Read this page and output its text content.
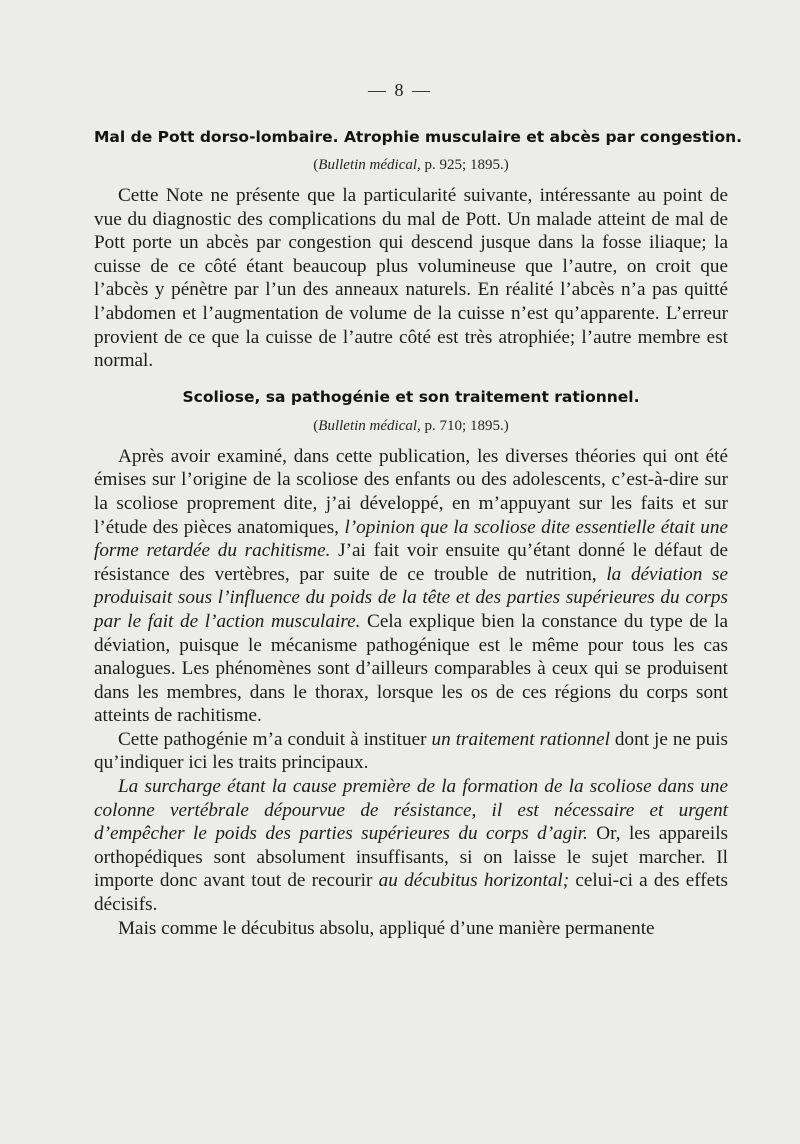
— 8 —
Mal de Pott dorso-lombaire. Atrophie musculaire et abcès par congestion.

(Bulletin médical, p. 925; 1895.)

Cette Note ne présente que la particularité suivante, intéressante au point de vue du diagnostic des complications du mal de Pott. Un malade atteint de mal de Pott porte un abcès par congestion qui descend jusque dans la fosse iliaque; la cuisse de ce côté étant beaucoup plus volumineuse que l’autre, on croit que l’abcès y pénètre par l’un des anneaux naturels. En réalité l’abcès n’a pas quitté l’abdomen et l’augmentation de volume de la cuisse n’est qu’apparente. L’erreur provient de ce que la cuisse de l’autre côté est très atrophiée; l’autre membre est normal.

Scoliose, sa pathogénie et son traitement rationnel.

(Bulletin médical, p. 710; 1895.)

Après avoir examiné, dans cette publication, les diverses théories qui ont été émises sur l’origine de la scoliose des enfants ou des adolescents, c’est-à-dire sur la scoliose proprement dite, j’ai développé, en m’appuyant sur les faits et sur l’étude des pièces anatomiques, l’opinion que la scoliose dite essentielle était une forme retardée du rachitisme. J’ai fait voir ensuite qu’étant donné le défaut de résistance des vertèbres, par suite de ce trouble de nutrition, la déviation se produisait sous l’influence du poids de la tête et des parties supérieures du corps par le fait de l’action musculaire. Cela explique bien la constance du type de la déviation, puisque le mécanisme pathogénique est le même pour tous les cas analogues. Les phénomènes sont d’ailleurs comparables à ceux qui se produisent dans les membres, dans le thorax, lorsque les os de ces régions du corps sont atteints de rachitisme.

Cette pathogénie m’a conduit à instituer un traitement rationnel dont je ne puis qu’indiquer ici les traits principaux.

La surcharge étant la cause première de la formation de la scoliose dans une colonne vertébrale dépourvue de résistance, il est nécessaire et urgent d’empêcher le poids des parties supérieures du corps d’agir. Or, les appareils orthopédiques sont absolument insuffisants, si on laisse le sujet marcher. Il importe donc avant tout de recourir au décubitus horizontal; celui-ci a des effets décisifs.

Mais comme le décubitus absolu, appliqué d’une manière permanente
